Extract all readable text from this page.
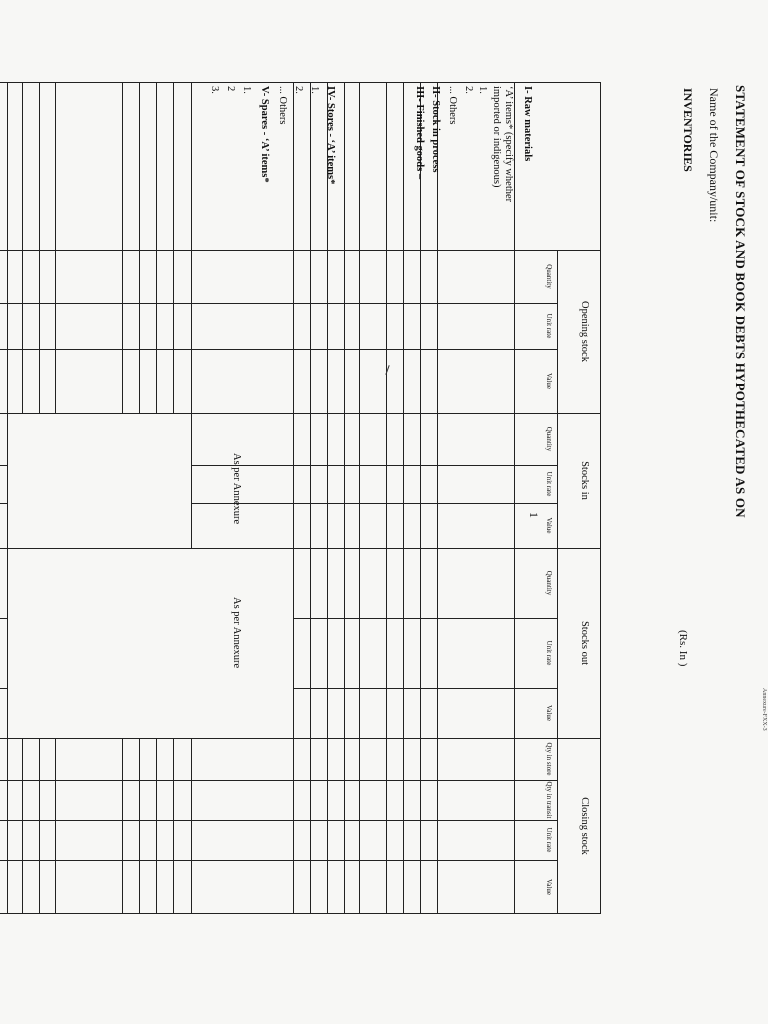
Annexure-FXX-3
STATEMENT OF STOCK AND BOOK DEBTS HYPOTHECATED AS ON
Name of the Company/unit:
INVENTORIES
(Rs. In )
Opening stock
Stocks in
Stocks out
Closing stock
Quantity
Unit rate
Value
Quantity
Unit rate
Value
Quantity
Unit rate
Value
Qty in store
Qty in transit
Unit rate
Value
I- Raw materials
‘A’ items* (specify whether
imported or indigenous)
1.
2.
... Others
II- Stock in process
III- Finished goods –
IV- Stores - ‘A’ items*
1.
2.
... Others
V- Spares - ‘A’ items*
1.
2
3.
As per Annexure
As per Annexure
1
